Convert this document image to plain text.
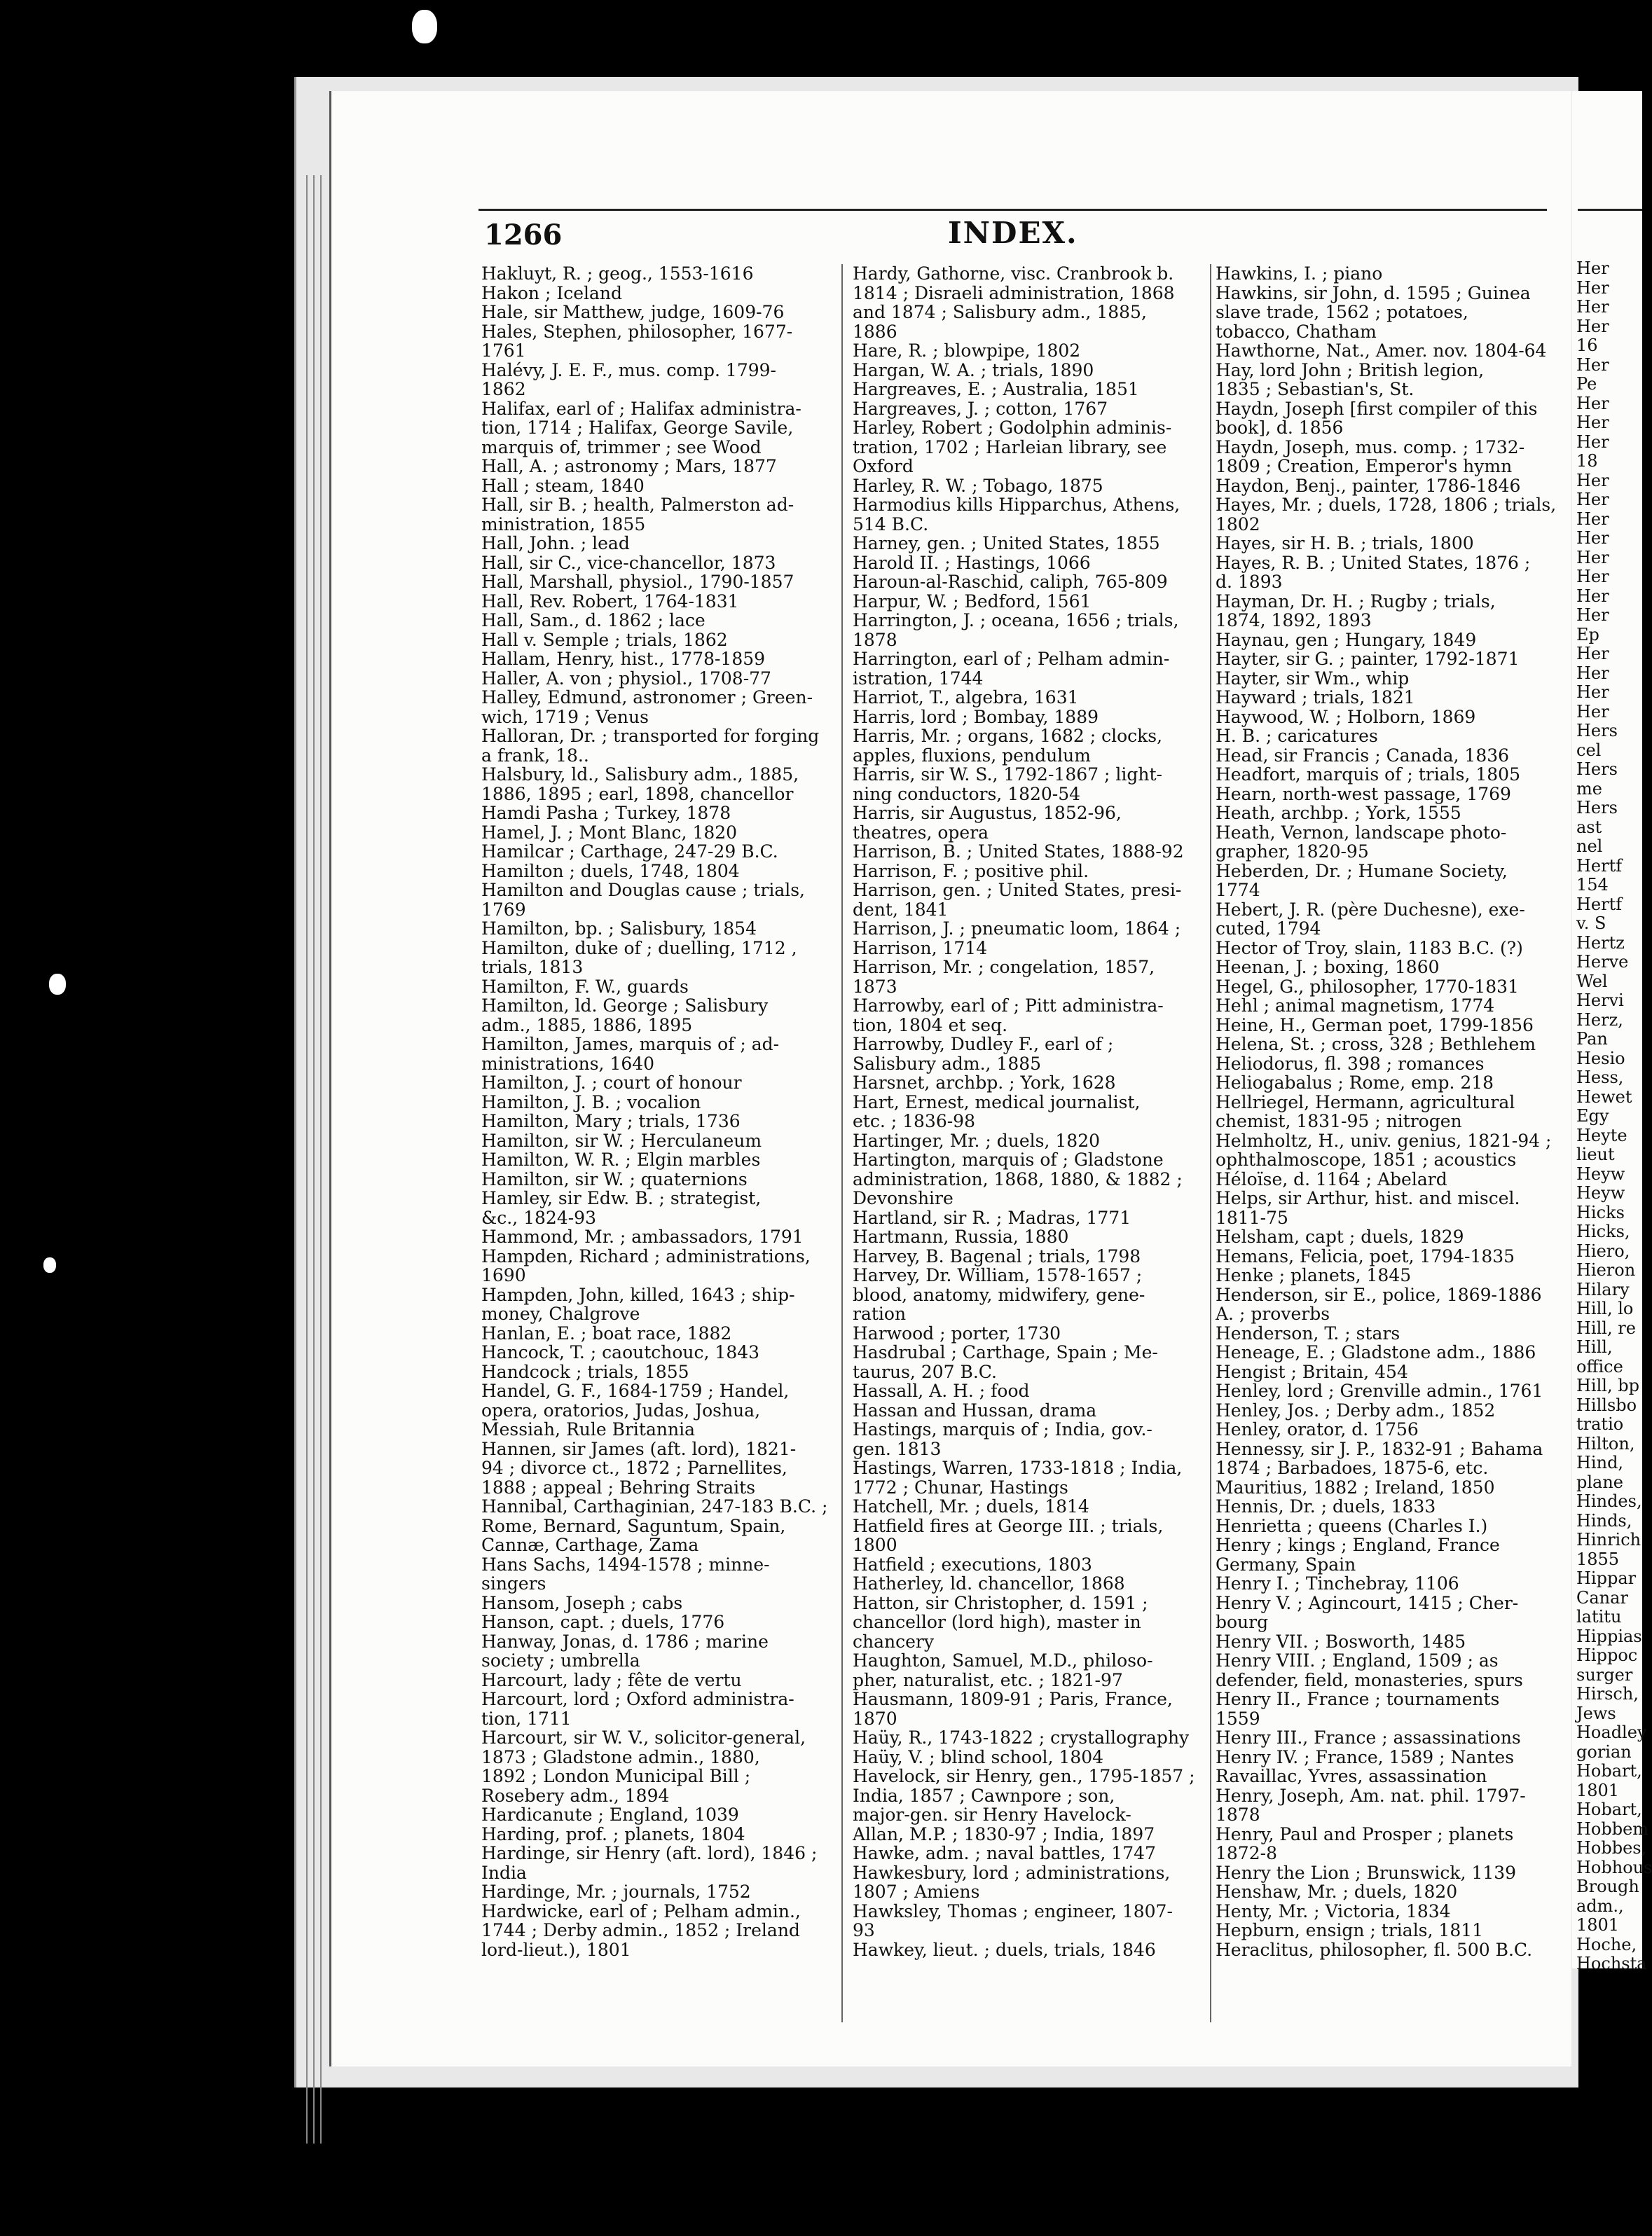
1266	INDEX.
Hakluyt, R. ; geog., 1553-1616
Hakon ; Iceland
Hale, sir Matthew, judge, 1609-76
Hales, Stephen, philosopher, 1677-
1761
Halévy, J. E. F., mus. comp. 1799-
1862
Halifax, earl of ; Halifax administra-
tion, 1714 ; Halifax, George Savile,
marquis of, trimmer ; see Wood
Hall, A. ; astronomy ; Mars, 1877
Hall ; steam, 1840
Hall, sir B. ; health, Palmerston ad-
ministration, 1855
Hall, John. ; lead
Hall, sir C., vice-chancellor, 1873
Hall, Marshall, physiol., 1790-1857
Hall, Rev. Robert, 1764-1831
Hall, Sam., d. 1862 ; lace
Hall v. Semple ; trials, 1862
Hallam, Henry, hist., 1778-1859
Haller, A. von ; physiol., 1708-77
Halley, Edmund, astronomer ; Green-
wich, 1719 ; Venus
Halloran, Dr. ; transported for forging
a frank, 18..
Halsbury, ld., Salisbury adm., 1885,
1886, 1895 ; earl, 1898, chancellor
Hamdi Pasha ; Turkey, 1878
Hamel, J. ; Mont Blanc, 1820
Hamilcar ; Carthage, 247-29 B.C.
Hamilton ; duels, 1748, 1804
Hamilton and Douglas cause ; trials,
1769
Hamilton, bp. ; Salisbury, 1854
Hamilton, duke of ; duelling, 1712 ,
trials, 1813
Hamilton, F. W., guards
Hamilton, ld. George ; Salisbury
adm., 1885, 1886, 1895
Hamilton, James, marquis of ; ad-
ministrations, 1640
Hamilton, J. ; court of honour
Hamilton, J. B. ; vocalion
Hamilton, Mary ; trials, 1736
Hamilton, sir W. ; Herculaneum
Hamilton, W. R. ; Elgin marbles
Hamilton, sir W. ; quaternions
Hamley, sir Edw. B. ; strategist,
&c., 1824-93
Hammond, Mr. ; ambassadors, 1791
Hampden, Richard ; administrations,
1690
Hampden, John, killed, 1643 ; ship-
money, Chalgrove
Hanlan, E. ; boat race, 1882
Hancock, T. ; caoutchouc, 1843
Handcock ; trials, 1855
Handel, G. F., 1684-1759 ; Handel,
opera, oratorios, Judas, Joshua,
Messiah, Rule Britannia
Hannen, sir James (aft. lord), 1821-
94 ; divorce ct., 1872 ; Parnellites,
1888 ; appeal ; Behring Straits
Hannibal, Carthaginian, 247-183 B.C. ;
Rome, Bernard, Saguntum, Spain,
Cannæ, Carthage, Zama
Hans Sachs, 1494-1578 ; minne-
singers
Hansom, Joseph ; cabs
Hanson, capt. ; duels, 1776
Hanway, Jonas, d. 1786 ; marine
society ; umbrella
Harcourt, lady ; fête de vertu
Harcourt, lord ; Oxford administra-
tion, 1711
Harcourt, sir W. V., solicitor-general,
1873 ; Gladstone admin., 1880,
1892 ; London Municipal Bill ;
Rosebery adm., 1894
Hardicanute ; England, 1039
Harding, prof. ; planets, 1804
Hardinge, sir Henry (aft. lord), 1846 ;
India
Hardinge, Mr. ; journals, 1752
Hardwicke, earl of ; Pelham admin.,
1744 ; Derby admin., 1852 ; Ireland
lord-lieut.), 1801
Hardy, Gathorne, visc. Cranbrook b.
1814 ; Disraeli administration, 1868
and 1874 ; Salisbury adm., 1885,
1886
Hare, R. ; blowpipe, 1802
Hargan, W. A. ; trials, 1890
Hargreaves, E. ; Australia, 1851
Hargreaves, J. ; cotton, 1767
Harley, Robert ; Godolphin adminis-
tration, 1702 ; Harleian library, see
Oxford
Harley, R. W. ; Tobago, 1875
Harmodius kills Hipparchus, Athens,
514 B.C.
Harney, gen. ; United States, 1855
Harold II. ; Hastings, 1066
Haroun-al-Raschid, caliph, 765-809
Harpur, W. ; Bedford, 1561
Harrington, J. ; oceana, 1656 ; trials,
1878
Harrington, earl of ; Pelham admin-
istration, 1744
Harriot, T., algebra, 1631
Harris, lord ; Bombay, 1889
Harris, Mr. ; organs, 1682 ; clocks,
apples, fluxions, pendulum
Harris, sir W. S., 1792-1867 ; light-
ning conductors, 1820-54
Harris, sir Augustus, 1852-96,
theatres, opera
Harrison, B. ; United States, 1888-92
Harrison, F. ; positive phil.
Harrison, gen. ; United States, presi-
dent, 1841
Harrison, J. ; pneumatic loom, 1864 ;
Harrison, 1714
Harrison, Mr. ; congelation, 1857,
1873
Harrowby, earl of ; Pitt administra-
tion, 1804 et seq.
Harrowby, Dudley F., earl of ;
Salisbury adm., 1885
Harsnet, archbp. ; York, 1628
Hart, Ernest, medical journalist,
etc. ; 1836-98
Hartinger, Mr. ; duels, 1820
Hartington, marquis of ; Gladstone
administration, 1868, 1880, & 1882 ;
Devonshire
Hartland, sir R. ; Madras, 1771
Hartmann, Russia, 1880
Harvey, B. Bagenal ; trials, 1798
Harvey, Dr. William, 1578-1657 ;
blood, anatomy, midwifery, gene-
ration
Harwood ; porter, 1730
Hasdrubal ; Carthage, Spain ; Me-
taurus, 207 B.C.
Hassall, A. H. ; food
Hassan and Hussan, drama
Hastings, marquis of ; India, gov.-
gen. 1813
Hastings, Warren, 1733-1818 ; India,
1772 ; Chunar, Hastings
Hatchell, Mr. ; duels, 1814
Hatfield fires at George III. ; trials,
1800
Hatfield ; executions, 1803
Hatherley, ld. chancellor, 1868
Hatton, sir Christopher, d. 1591 ;
chancellor (lord high), master in
chancery
Haughton, Samuel, M.D., philoso-
pher, naturalist, etc. ; 1821-97
Hausmann, 1809-91 ; Paris, France,
1870
Haüy, R., 1743-1822 ; crystallography
Haüy, V. ; blind school, 1804
Havelock, sir Henry, gen., 1795-1857 ;
India, 1857 ; Cawnpore ; son,
major-gen. sir Henry Havelock-
Allan, M.P. ; 1830-97 ; India, 1897
Hawke, adm. ; naval battles, 1747
Hawkesbury, lord ; administrations,
1807 ; Amiens
Hawksley, Thomas ; engineer, 1807-
93
Hawkey, lieut. ; duels, trials, 1846
Hawkins, I. ; piano
Hawkins, sir John, d. 1595 ; Guinea
slave trade, 1562 ; potatoes,
tobacco, Chatham
Hawthorne, Nat., Amer. nov. 1804-64
Hay, lord John ; British legion,
1835 ; Sebastian's, St.
Haydn, Joseph [first compiler of this
book], d. 1856
Haydn, Joseph, mus. comp. ; 1732-
1809 ; Creation, Emperor's hymn
Haydon, Benj., painter, 1786-1846
Hayes, Mr. ; duels, 1728, 1806 ; trials,
1802
Hayes, sir H. B. ; trials, 1800
Hayes, R. B. ; United States, 1876 ;
d. 1893
Hayman, Dr. H. ; Rugby ; trials,
1874, 1892, 1893
Haynau, gen ; Hungary, 1849
Hayter, sir G. ; painter, 1792-1871
Hayter, sir Wm., whip
Hayward ; trials, 1821
Haywood, W. ; Holborn, 1869
H. B. ; caricatures
Head, sir Francis ; Canada, 1836
Headfort, marquis of ; trials, 1805
Hearn, north-west passage, 1769
Heath, archbp. ; York, 1555
Heath, Vernon, landscape photo-
grapher, 1820-95
Heberden, Dr. ; Humane Society,
1774
Hebert, J. R. (père Duchesne), exe-
cuted, 1794
Hector of Troy, slain, 1183 B.C. (?)
Heenan, J. ; boxing, 1860
Hegel, G., philosopher, 1770-1831
Hehl ; animal magnetism, 1774
Heine, H., German poet, 1799-1856
Helena, St. ; cross, 328 ; Bethlehem
Heliodorus, fl. 398 ; romances
Heliogabalus ; Rome, emp. 218
Hellriegel, Hermann, agricultural
chemist, 1831-95 ; nitrogen
Helmholtz, H., univ. genius, 1821-94 ;
ophthalmoscope, 1851 ; acoustics
Héloïse, d. 1164 ; Abelard
Helps, sir Arthur, hist. and miscel.
1811-75
Helsham, capt ; duels, 1829
Hemans, Felicia, poet, 1794-1835
Henke ; planets, 1845
Henderson, sir E., police, 1869-1886
A. ; proverbs
Henderson, T. ; stars
Heneage, E. ; Gladstone adm., 1886
Hengist ; Britain, 454
Henley, lord ; Grenville admin., 1761
Henley, Jos. ; Derby adm., 1852
Henley, orator, d. 1756
Hennessy, sir J. P., 1832-91 ; Bahama
1874 ; Barbadoes, 1875-6, etc.
Mauritius, 1882 ; Ireland, 1850
Hennis, Dr. ; duels, 1833
Henrietta ; queens (Charles I.)
Henry ; kings ; England, France
Germany, Spain
Henry I. ; Tinchebray, 1106
Henry V. ; Agincourt, 1415 ; Cher-
bourg
Henry VII. ; Bosworth, 1485
Henry VIII. ; England, 1509 ; as
defender, field, monasteries, spurs
Henry II., France ; tournaments
1559
Henry III., France ; assassinations
Henry IV. ; France, 1589 ; Nantes
Ravaillac, Yvres, assassination
Henry, Joseph, Am. nat. phil. 1797-
1878
Henry, Paul and Prosper ; planets
1872-8
Henry the Lion ; Brunswick, 1139
Henshaw, Mr. ; duels, 1820
Henty, Mr. ; Victoria, 1834
Hepburn, ensign ; trials, 1811
Heraclitus, philosopher, fl. 500 B.C.
Her
Her
Her
Her
16
Her
Pe
Her
Her
Her
18
Her
Her
Her
Her
Her
Her
Her
Her
Ep
Her
Her
Her
Her
Hers
cel
Hers
me
Hers
ast
nel
Hertf
154
Hertf
v. S
Hertz
Herve
Wel
Hervi
Herz,
Pan
Hesio
Hess,
Hewet
Egy
Heyte
lieut
Heyw
Heyw
Hicks
Hicks,
Hiero,
Hieron
Hilary
Hill, lo
Hill, re
Hill,
office
Hill, bp
Hillsbo
tratio
Hilton,
Hind,
plane
Hindes,
Hinds,
Hinrich
1855
Hippar
Canar
latitu
Hippias
Hippoc
surger
Hirsch,
Jews
Hoadley
gorian
Hobart,
1801
Hobart,
Hobbem
Hobbes,
Hobhous
Brough
adm.,
1801
Hoche,
Hochsta
